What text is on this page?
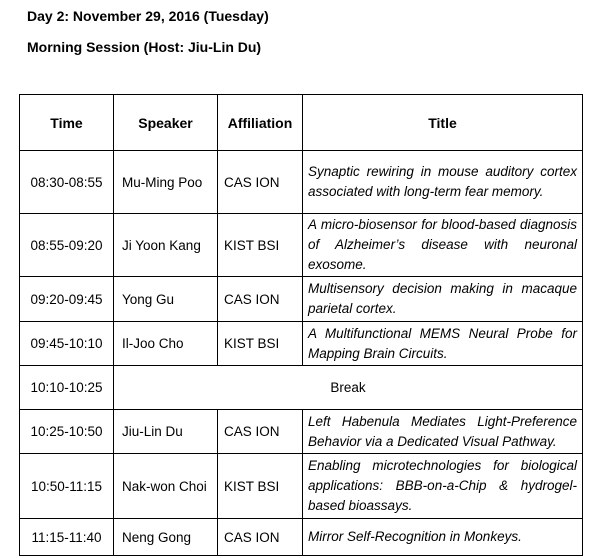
Day 2: November 29, 2016 (Tuesday)
Morning Session (Host: Jiu-Lin Du)
Time	Speaker	Affiliation	Title
08:30-08:55	Mu-Ming Poo	CAS ION	Synaptic rewiring in mouse auditory cortex associated with long-term fear memory.
08:55-09:20	Ji Yoon Kang	KIST BSI	A micro-biosensor for blood-based diagnosis of Alzheimer’s disease with neuronal exosome.
09:20-09:45	Yong Gu	CAS ION	Multisensory decision making in macaque parietal cortex.
09:45-10:10	Il-Joo Cho	KIST BSI	A Multifunctional MEMS Neural Probe for Mapping Brain Circuits.
10:10-10:25	Break		
10:25-10:50	Jiu-Lin Du	CAS ION	Left Habenula Mediates Light-Preference Behavior via a Dedicated Visual Pathway.
10:50-11:15	Nak-won Choi	KIST BSI	Enabling microtechnologies for biological applications: BBB-on-a-Chip & hydrogel-based bioassays.
11:15-11:40	Neng Gong	CAS ION	Mirror Self-Recognition in Monkeys.
